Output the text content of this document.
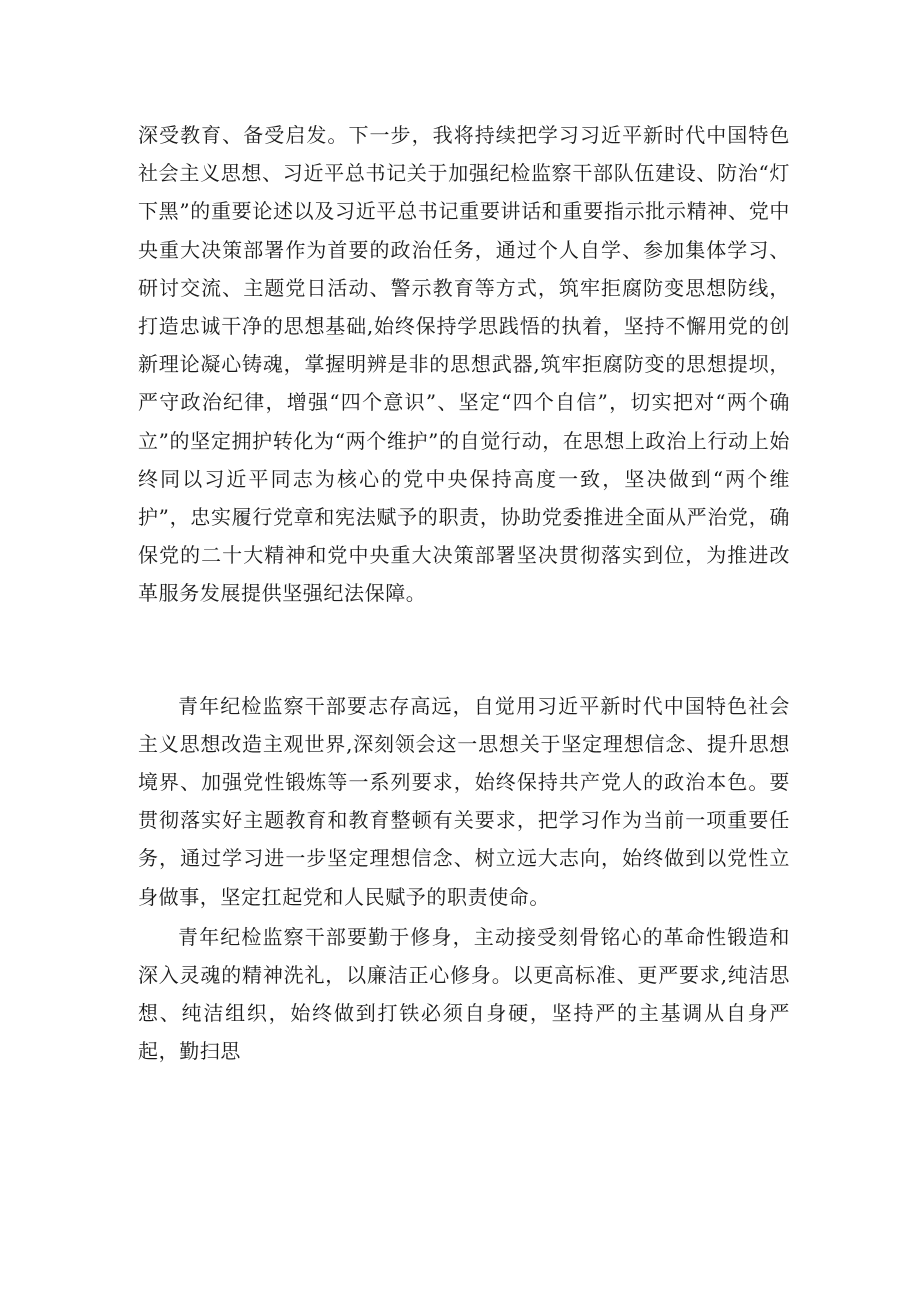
深受教育、备受启发。下一步，我将持续把学习习近平新时代中国特色社会主义思想、习近平总书记关于加强纪检监察干部队伍建设、防治“灯下黑”的重要论述以及习近平总书记重要讲话和重要指示批示精神、党中央重大决策部署作为首要的政治任务，通过个人自学、参加集体学习、研讨交流、主题党日活动、警示教育等方式，筑牢拒腐防变思想防线，打造忠诚干净的思想基础,始终保持学思践悟的执着，坚持不懈用党的创新理论凝心铸魂，掌握明辨是非的思想武器,筑牢拒腐防变的思想提坝，严守政治纪律，增强“四个意识”、坚定“四个自信”，切实把对“两个确立”的坚定拥护转化为“两个维护”的自觉行动，在思想上政治上行动上始终同以习近平同志为核心的党中央保持高度一致，坚决做到“两个维护”，忠实履行党章和宪法赋予的职责，协助党委推进全面从严治党，确保党的二十大精神和党中央重大决策部署坚决贯彻落实到位，为推进改革服务发展提供坚强纪法保障。

青年纪检监察干部要志存高远，自觉用习近平新时代中国特色社会主义思想改造主观世界,深刻领会这一思想关于坚定理想信念、提升思想境界、加强党性锻炼等一系列要求，始终保持共产党人的政治本色。要贯彻落实好主题教育和教育整顿有关要求，把学习作为当前一项重要任务，通过学习进一步坚定理想信念、树立远大志向，始终做到以党性立身做事，坚定扛起党和人民赋予的职责使命。

青年纪检监察干部要勤于修身，主动接受刻骨铭心的革命性锻造和深入灵魂的精神洗礼，以廉洁正心修身。以更高标准、更严要求,纯洁思想、纯洁组织，始终做到打铁必须自身硬，坚持严的主基调从自身严起，勤扫思
